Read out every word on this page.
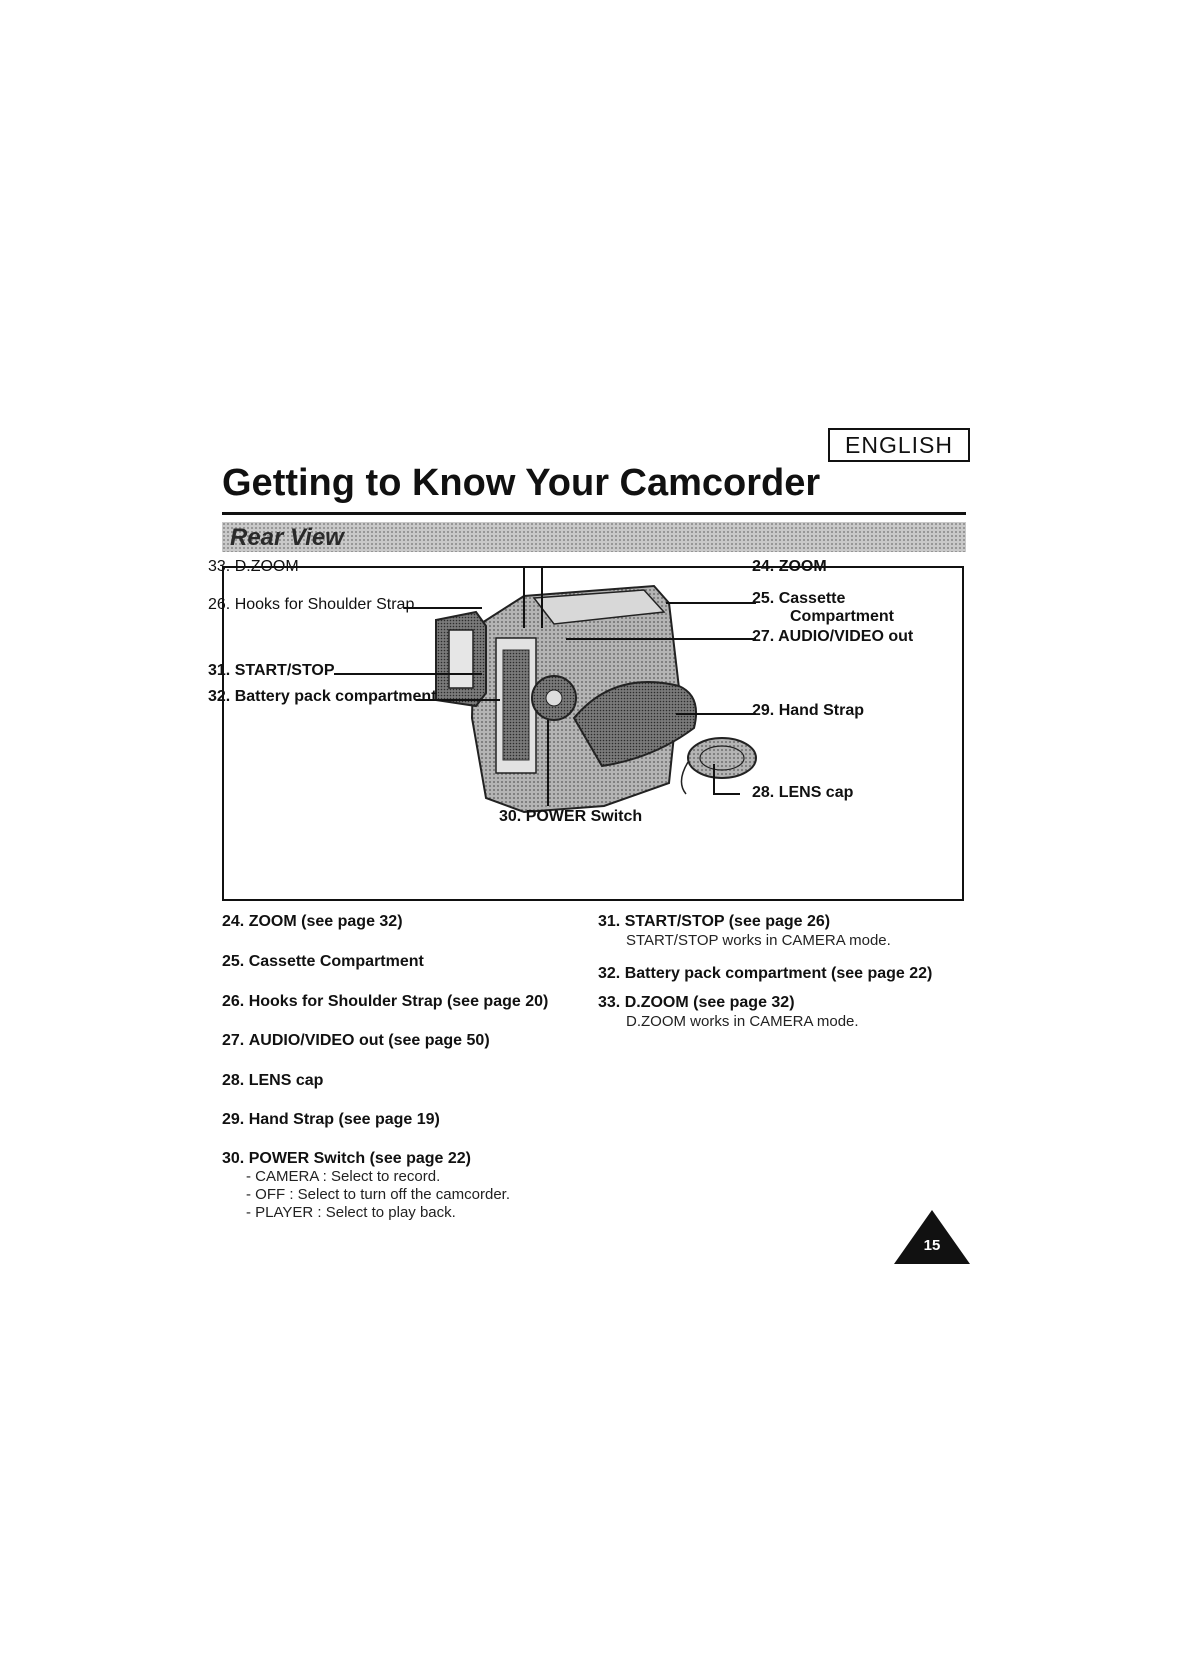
ENGLISH
Getting to Know Your Camcorder
Rear View
33. D.ZOOM
26. Hooks for Shoulder Strap
31. START/STOP
32. Battery pack compartment
24. ZOOM
25. Cassette
Compartment
27. AUDIO/VIDEO out
29. Hand Strap
28. LENS cap
30. POWER Switch
24. ZOOM (see page 32)
25. Cassette Compartment
26. Hooks for Shoulder Strap (see page 20)
27. AUDIO/VIDEO out (see page 50)
28. LENS cap
29. Hand Strap (see page 19)
30. POWER Switch (see page 22)
- CAMERA : Select to record.
- OFF : Select to turn off the camcorder.
- PLAYER : Select to play back.
31. START/STOP (see page 26)
START/STOP works in CAMERA mode.
32. Battery pack compartment (see page 22)
33. D.ZOOM (see page 32)
D.ZOOM works in CAMERA mode.
15
